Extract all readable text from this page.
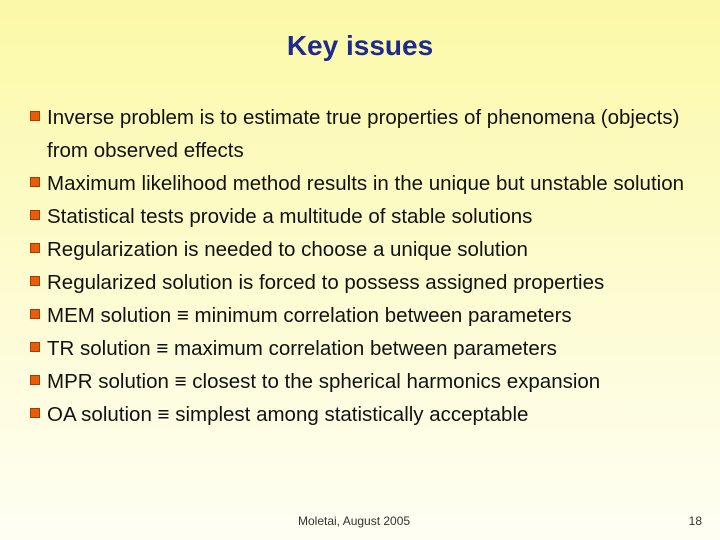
Key issues
Inverse problem is to estimate true properties of phenomena (objects) from observed effects
Maximum likelihood method results in the unique but unstable solution
Statistical tests provide a multitude of stable solutions
Regularization is needed to choose a unique solution
Regularized solution is forced to possess assigned properties
MEM solution ≡ minimum correlation between parameters
TR solution ≡ maximum correlation between parameters
MPR solution ≡ closest to the spherical harmonics expansion
OA solution ≡ simplest among statistically acceptable
Moletai, August 2005	18
